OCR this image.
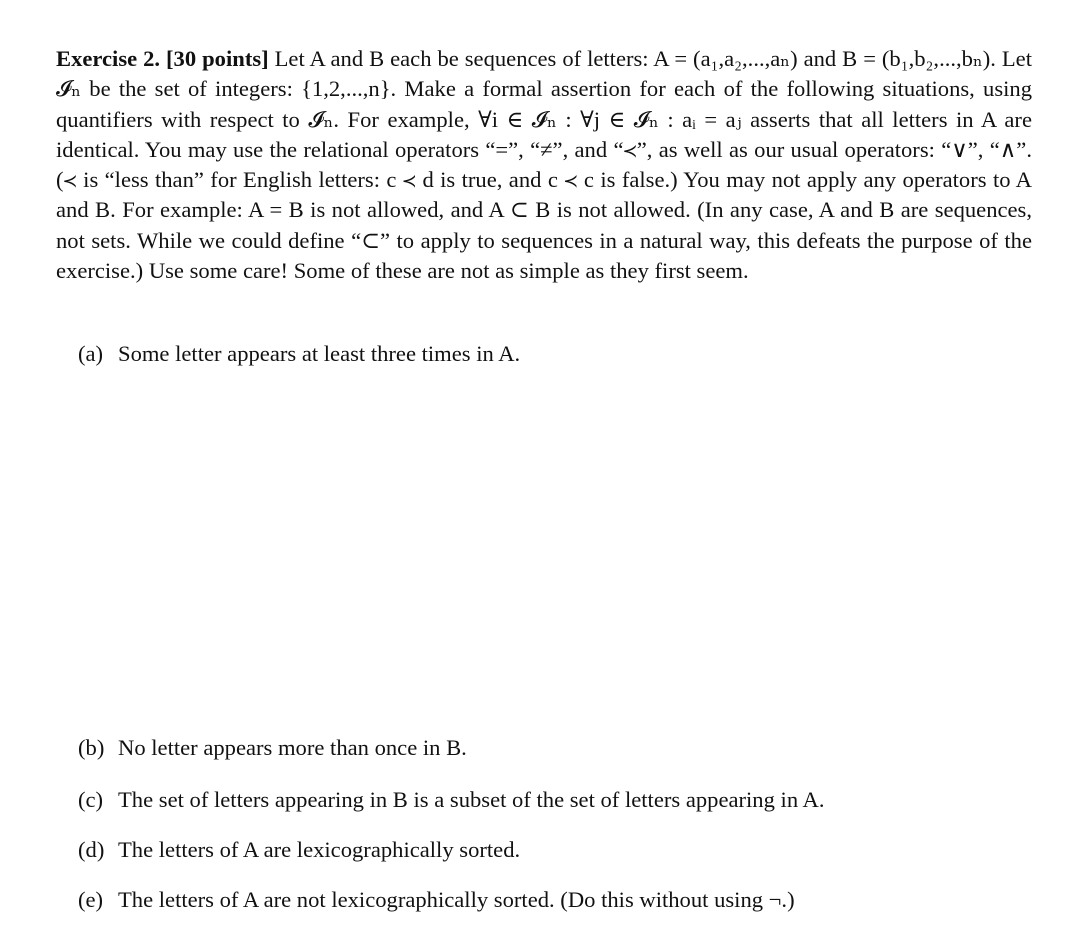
Exercise 2. [30 points] Let A and B each be sequences of letters: A = (a₁,a₂,...,aₙ) and B = (b₁,b₂,...,bₙ). Let 𝓘ₙ be the set of integers: {1,2,...,n}. Make a formal assertion for each of the following situations, using quantifiers with respect to 𝓘ₙ. For example, ∀i ∈ 𝓘ₙ : ∀j ∈ 𝓘ₙ : aᵢ = aⱼ asserts that all letters in A are identical. You may use the relational operators “=”, “≠”, and “≺”, as well as our usual operators: “∨”, “∧”. (≺ is “less than” for English letters: c ≺ d is true, and c ≺ c is false.) You may not apply any operators to A and B. For example: A = B is not allowed, and A ⊂ B is not allowed. (In any case, A and B are sequences, not sets. While we could define “⊂” to apply to sequences in a natural way, this defeats the purpose of the exercise.) Use some care! Some of these are not as simple as they first seem.

(a) Some letter appears at least three times in A.
(b) No letter appears more than once in B.
(c) The set of letters appearing in B is a subset of the set of letters appearing in A.
(d) The letters of A are lexicographically sorted.
(e) The letters of A are not lexicographically sorted. (Do this without using ¬.)
